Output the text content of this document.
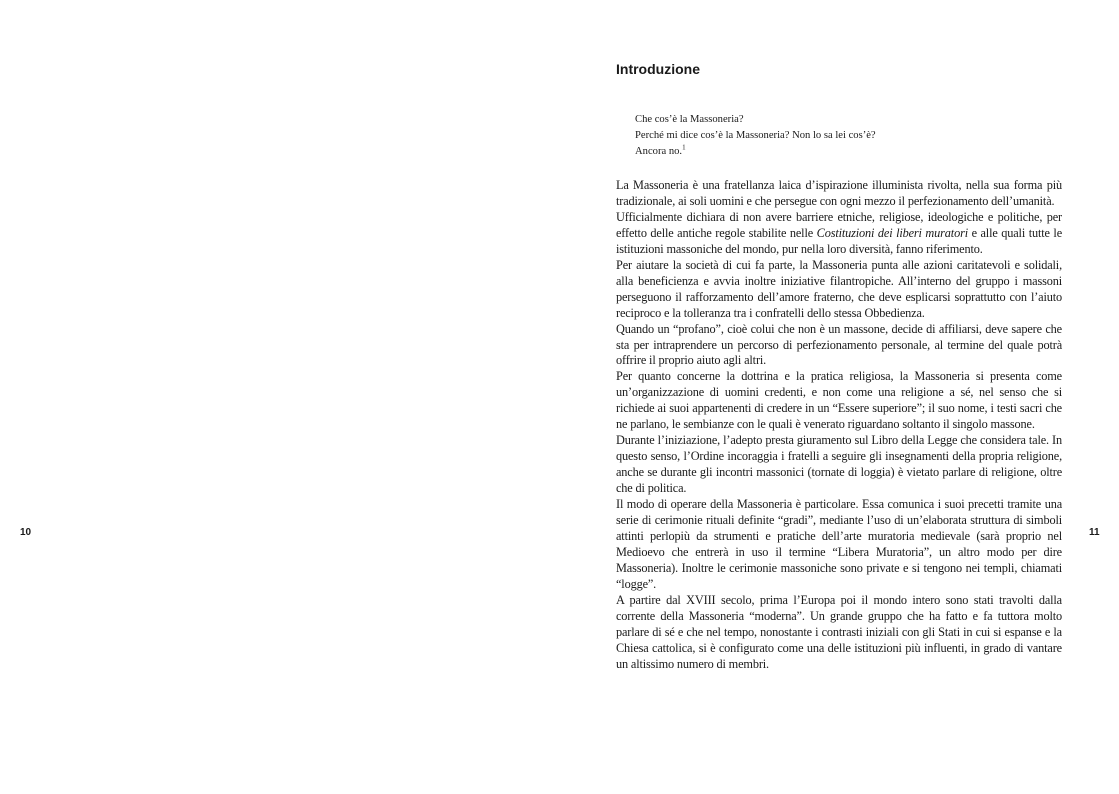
10	11
Introduzione
Che cos’è la Massoneria?
Perché mi dice cos’è la Massoneria? Non lo sa lei cos’è?
Ancora no.$^1$

La Massoneria è una fratellanza laica d’ispirazione illuminista rivolta, nella sua forma più tradizionale, ai soli uomini e che persegue con ogni mezzo il perfezionamento dell’umanità.

Ufficialmente dichiara di non avere barriere etniche, religiose, ideologiche e politiche, per effetto delle antiche regole stabilite nelle Costituzioni dei liberi muratori e alle quali tutte le istituzioni massoniche del mondo, pur nella loro diversità, fanno riferimento.

Per aiutare la società di cui fa parte, la Massoneria punta alle azioni caritatevoli e solidali, alla beneficienza e avvia inoltre iniziative filantropiche. All’interno del gruppo i massoni perseguono il rafforzamento dell’amore fraterno, che deve esplicarsi soprattutto con l’aiuto reciproco e la tolleranza tra i confratelli dello stessa Obbedienza.

Quando un “profano”, cioè colui che non è un massone, decide di affiliarsi, deve sapere che sta per intraprendere un percorso di perfezionamento personale, al termine del quale potrà offrire il proprio aiuto agli altri.

Per quanto concerne la dottrina e la pratica religiosa, la Massoneria si presenta come un’organizzazione di uomini credenti, e non come una religione a sé, nel senso che si richiede ai suoi appartenenti di credere in un “Essere superiore”; il suo nome, i testi sacri che ne parlano, le sembianze con le quali è venerato riguardano soltanto il singolo massone.

Durante l’iniziazione, l’adepto presta giuramento sul Libro della Legge che considera tale. In questo senso, l’Ordine incoraggia i fratelli a seguire gli insegnamenti della propria religione, anche se durante gli incontri massonici (tornate di loggia) è vietato parlare di religione, oltre che di politica.

Il modo di operare della Massoneria è particolare. Essa comunica i suoi precetti tramite una serie di cerimonie rituali definite “gradi”, mediante l’uso di un’elaborata struttura di simboli attinti perlopiù da strumenti e pratiche dell’arte muratoria medievale (sarà proprio nel Medioevo che entrerà in uso il termine “Libera Muratoria”, un altro modo per dire Massoneria). Inoltre le cerimonie massoniche sono private e si tengono nei templi, chiamati “logge”.

A partire dal XVIII secolo, prima l’Europa poi il mondo intero sono stati travolti dalla corrente della Massoneria “moderna”. Un grande gruppo che ha fatto e fa tuttora molto parlare di sé e che nel tempo, nonostante i contrasti iniziali con gli Stati in cui si espanse e la Chiesa cattolica, si è configurato come una delle istituzioni più influenti, in grado di vantare un altissimo numero di membri.
